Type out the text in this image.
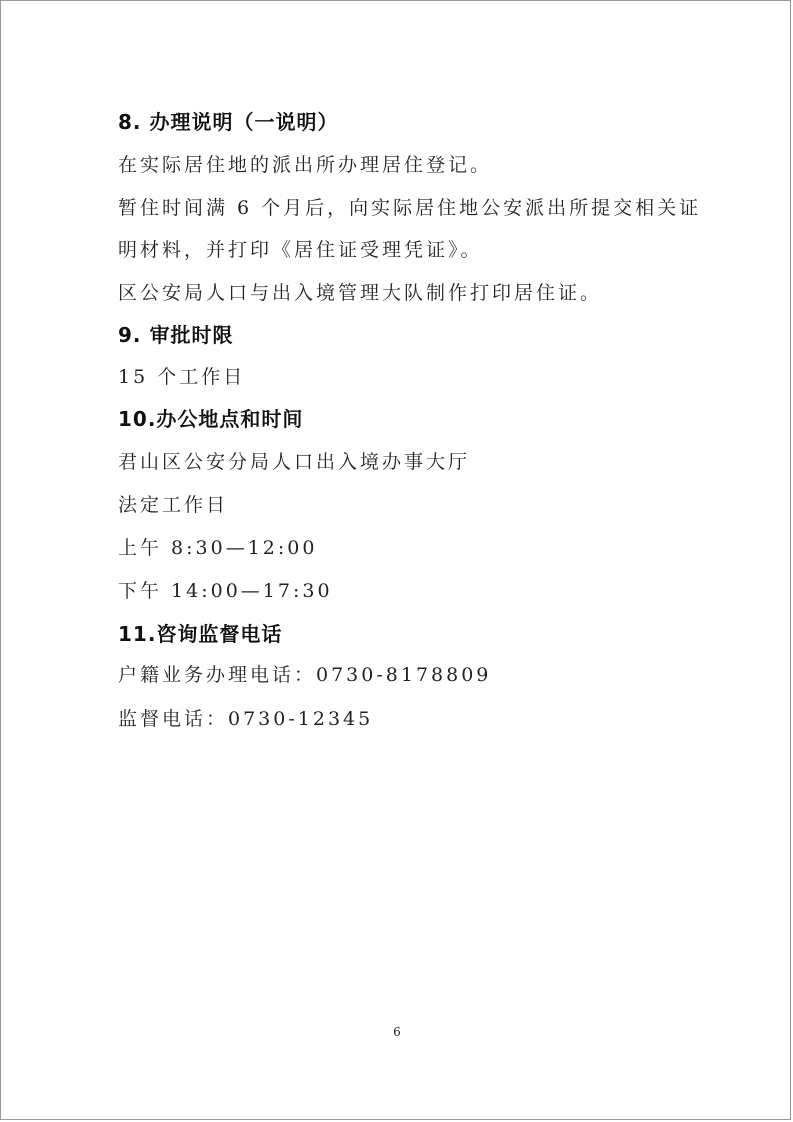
8. 办理说明（一说明）
在实际居住地的派出所办理居住登记。
暂住时间满 6 个月后，向实际居住地公安派出所提交相关证
明材料，并打印《居住证受理凭证》。
区公安局人口与出入境管理大队制作打印居住证。
9. 审批时限
15 个工作日
10.办公地点和时间
君山区公安分局人口出入境办事大厅
法定工作日
上午 8:30—12:00
下午 14:00—17:30
11.咨询监督电话
户籍业务办理电话：0730-8178809
监督电话：0730-12345
6
